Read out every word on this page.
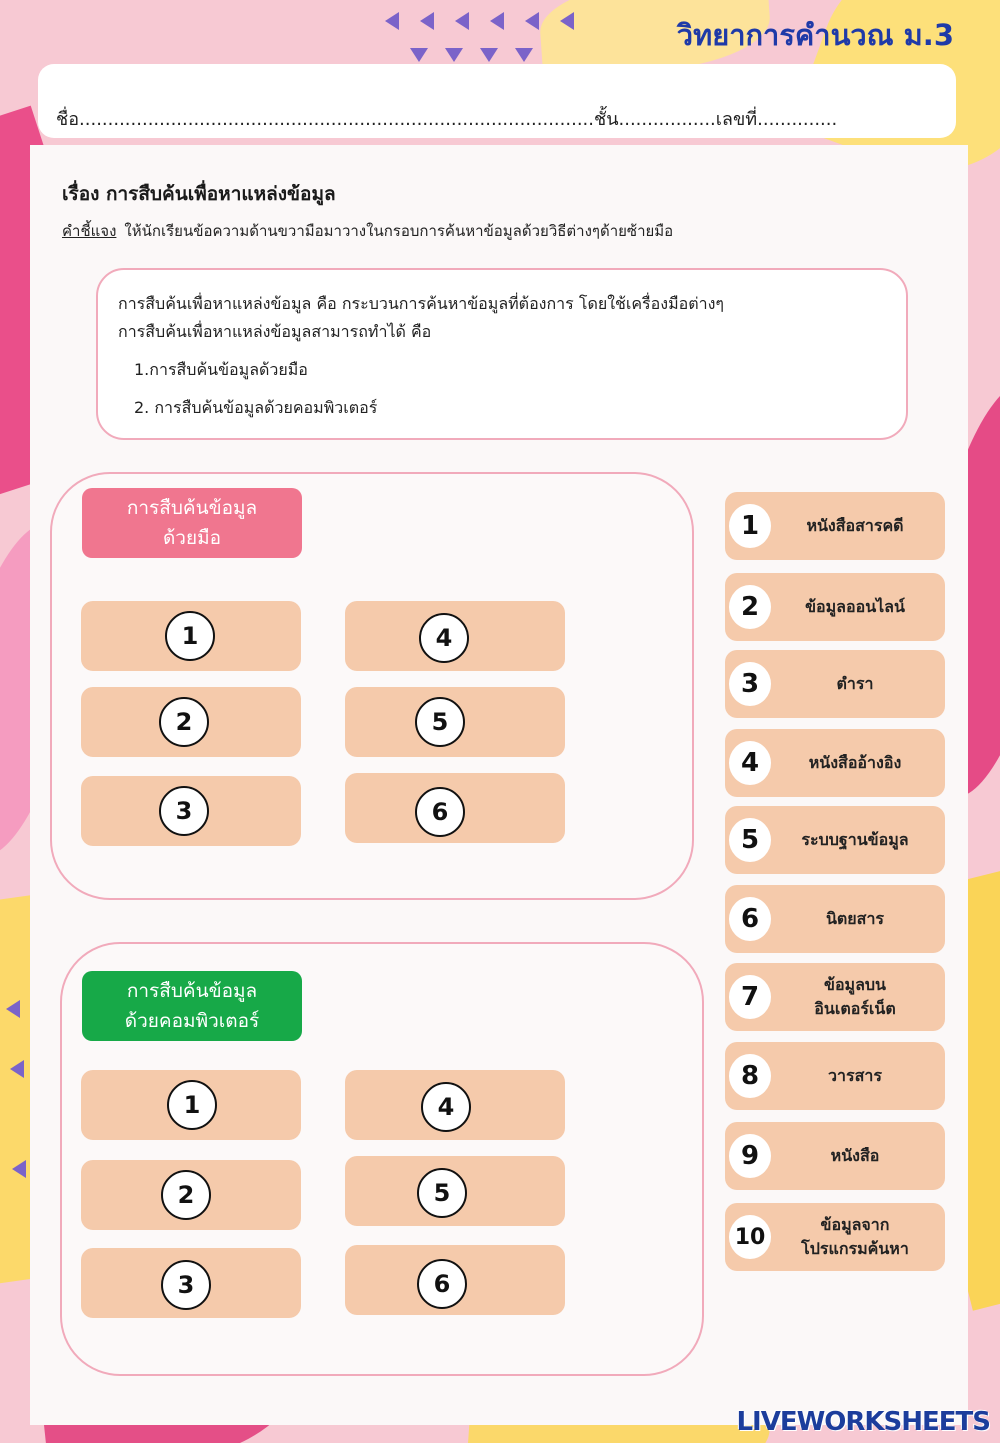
วิทยาการคำนวณ ม.3
ชื่อ..........................................................................................ชั้น.................เลขที่..............
เรื่อง การสืบค้นเพื่อหาแหล่งข้อมูล
คำชี้แจง ให้นักเรียนข้อความด้านขวามือมาวางในกรอบการค้นหาข้อมูลด้วยวิธีต่างๆด้ายซ้ายมือ
การสืบค้นเพื่อหาแหล่งข้อมูล คือ กระบวนการค้นหาข้อมูลที่ต้องการ โดยใช้เครื่องมือต่างๆ
การสืบค้นเพื่อหาแหล่งข้อมูลสามารถทำได้ คือ
1.การสืบค้นข้อมูลด้วยมือ
2. การสืบค้นข้อมูลด้วยคอมพิวเตอร์
การสืบค้นข้อมูล
ด้วยมือ
1
2
3
4
5
6
การสืบค้นข้อมูล
ด้วยคอมพิวเตอร์
1
2
3
4
5
6
1	หนังสือสารคดี
2	ข้อมูลออนไลน์
3	ตำรา
4	หนังสืออ้างอิง
5	ระบบฐานข้อมูล
6	นิตยสาร
7	ข้อมูลบน
อินเตอร์เน็ต
8	วารสาร
9	หนังสือ
10	ข้อมูลจาก
โปรแกรมค้นหา
LIVEWORKSHEETS
